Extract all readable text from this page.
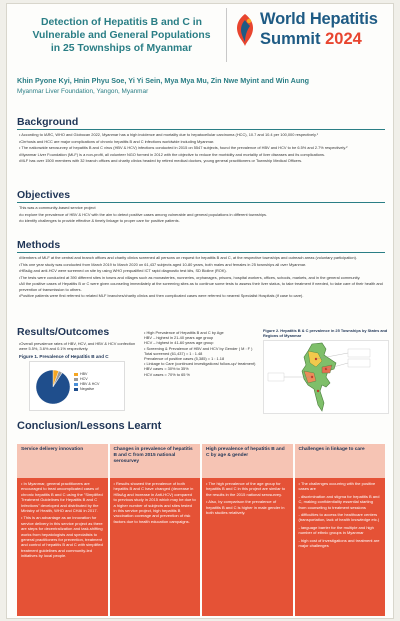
Detection of Hepatitis B and C in
Vulnerable and General Populations
in 25 Townships of Myanmar
World Hepatitis
Summit 2024
Khin Pyone Kyi, Hnin Phyu Soe, Yi Yi Sein, Mya Mya Mu, Zin Nwe Myint and Win Aung
Myanmar Liver Foundation, Yangon, Myanmar
Background

• According to IARC, WHO and Globocan 2022, Myanmar has a high incidence and mortality due to hepatocellular carcinoma (HCC), 10.7 and 10.4 per 100,000 respectively.¹

•Cirrhosis and HCC are major complications of chronic hepatitis B and C infections worldwide including Myanmar.

• The nationwide serosurvey of hepatitis B and C virus (HBV & HCV) infections conducted in 2015 on 5547 subjects, found the prevalence of HBV and HCV to be 6.5% and 2.7% respectively.²

•Myanmar Liver Foundation (MLF) is a non-profit, all volunteer NGO formed in 2012 with the objective to reduce the morbidity and mortality of liver diseases and its complications.

•MLF has over 1500 members with 32 branch offices and charity clinics headed by retired medical doctors, young general practitioners or Township Medical Officers.

Objectives

This was a community-based service project

•to explore the prevalence of HBV & HCV with the aim to detect positive cases among vulnerable and general populations in different townships.

•to identify challenges to provide effective & timely linkage to proper care for positive patients.

Methods

•Members of MLF at the central and branch offices and charity clinics screened all persons on request for hepatitis B and C, at the respective townships and outreach areas (voluntary participation).

•This one year study was conducted from March 2019 to March 2020 on 61,437 subjects aged 10-80 years, both males and females in 25 townships all over Myanmar.

•HBsAg and anti-HCV were screened on site by using WHO prequalified ICT rapid diagnostic test kits, SD Bioline (ROK).

•The tests were conducted at 390 different sites in towns and villages such as monasteries, nunneries, orphanages, prisons, hospital workers, offices, schools, markets, and in the general community.

•All the positive cases of Hepatitis B or C were given counseling immediately at the screening sites as to continue some tests to assess their liver status, to take treatment if needed, to take care of their health and prevention of transmission to others.

•Positive patients were first referred to related MLF branches/charity clinics and then complicated cases were referred to nearest Specialist Hospitals (if case to care).

Results/Outcomes
•Overall prevalence rates of HBV, HCV, and HBV & HCV confection were 5.5%, 3.6% and 0.1% respectively.
Figure 1. Prevalence of Hepatitis B and C
HBV
HCV
HBV & HCV
Negative
• High Prevalence of Hepatitis B and C by Age
HBV – highest in 21-40 years age group
HCV – highest in 41-60 years age group
• Screening & Prevalence of HBV and HCV by Gender ( M : F )
Total screened (61,437) = 1 : 1.48
Prevalence of positive cases (5,385) = 1 : 1.18
• Linkage to Care (continued investigations/ follow-up/ treatment)
HBV cases = 30% to 35%
HCV cases = 70% to 65 %
Figure 2. Hepatitis B & C prevalence in 25 Townships by States and Regions of Myanmar
Conclusion/Lessons Learnt
Service delivery innovation

• In Myanmar, general practitioners are encouraged to treat uncomplicated cases of chronic hepatitis B and C using the "Simplified Treatment Guidelines for Hepatitis B and C Infections" developed and distributed by the Ministry of Health, WHO and CHAI in 2017.

• This is an advantage as an innovation for service delivery in this service project as there are steps for decentralization and task-shifting works from hepatologists and specialists to general practitioners for prevention, treatment and control of hepatitis B and C with simplified treatment guidelines and community-led initiatives by local people.

Changes in prevalence of hepatitis B and C from 2015 national serosurvey

• Results showed the prevalence of both hepatitis B and C have changed (decrease in HBsAg and increase in Anti-HCV) compared to previous study in 2015 which may be due to a higher number of subjects and sites tested in this service project, high hepatitis B vaccination coverage and prevention of risk factors due to health education campaigns.

High prevalence of hepatitis B and C by age & gender

• The high prevalence of the age group for hepatitis B and C in this project are similar to the results in the 2015 national serosurvey.

• Also, by comparison the prevalence of hepatitis B and C is higher in male gender in both studies relatively.

Challenges in linkage to care

• The challenges occurring with the positive cases are

- discrimination and stigma for hepatitis B and C, making confidentiality essential starting from counseling to treatment sessions

- difficulties to access the healthcare centers (transportation, lack of health knowledge etc.)

- language barrier for the multiple and high number of ethnic groups in Myanmar

- high cost of investigations and treatment are major challenges
